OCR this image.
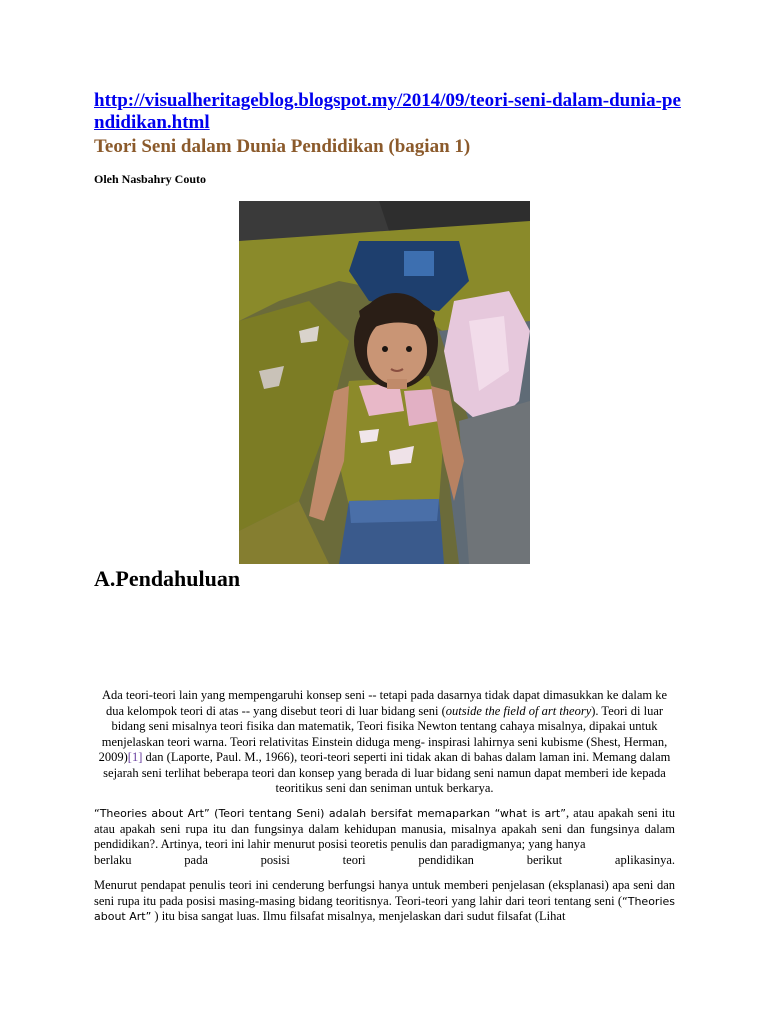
http://visualheritageblog.blogspot.my/2014/09/teori-seni-dalam-dunia-pendidikan.html
Teori Seni dalam Dunia Pendidikan (bagian 1)
Oleh Nasbahry Couto
A.Pendahuluan
Ada teori-teori lain yang mempengaruhi konsep seni -- tetapi pada dasarnya tidak dapat dimasukkan ke dalam ke dua kelompok teori di atas -- yang disebut teori di luar bidang seni (outside the field of art theory). Teori di luar bidang seni misalnya teori fisika dan matematik, Teori fisika Newton tentang cahaya misalnya, dipakai untuk menjelaskan teori warna. Teori relativitas Einstein diduga meng- inspirasi lahirnya seni kubisme (Shest, Herman, 2009)[1] dan (Laporte, Paul. M., 1966), teori-teori seperti ini tidak akan di bahas dalam laman ini. Memang dalam sejarah seni terlihat beberapa teori dan konsep yang berada di luar bidang seni namun dapat memberi ide kepada teoritikus seni dan seniman untuk berkarya.
“Theories about Art” (Teori tentang Seni) adalah bersifat memaparkan “what is art”, atau apakah seni itu atau apakah seni rupa itu dan fungsinya dalam kehidupan manusia, misalnya apakah seni dan fungsinya dalam pendidikan?. Artinya, teori ini lahir menurut posisi teoretis penulis dan paradigmanya; yang hanya
berlaku pada posisi teori pendidikan berikut aplikasinya.
Menurut pendapat penulis teori ini cenderung berfungsi hanya untuk memberi penjelasan (eksplanasi) apa seni dan seni rupa itu pada posisi masing-masing bidang teoritisnya. Teori-teori yang lahir dari teori tentang seni (“Theories about Art” ) itu bisa sangat luas. Ilmu filsafat misalnya, menjelaskan dari sudut filsafat (Lihat
